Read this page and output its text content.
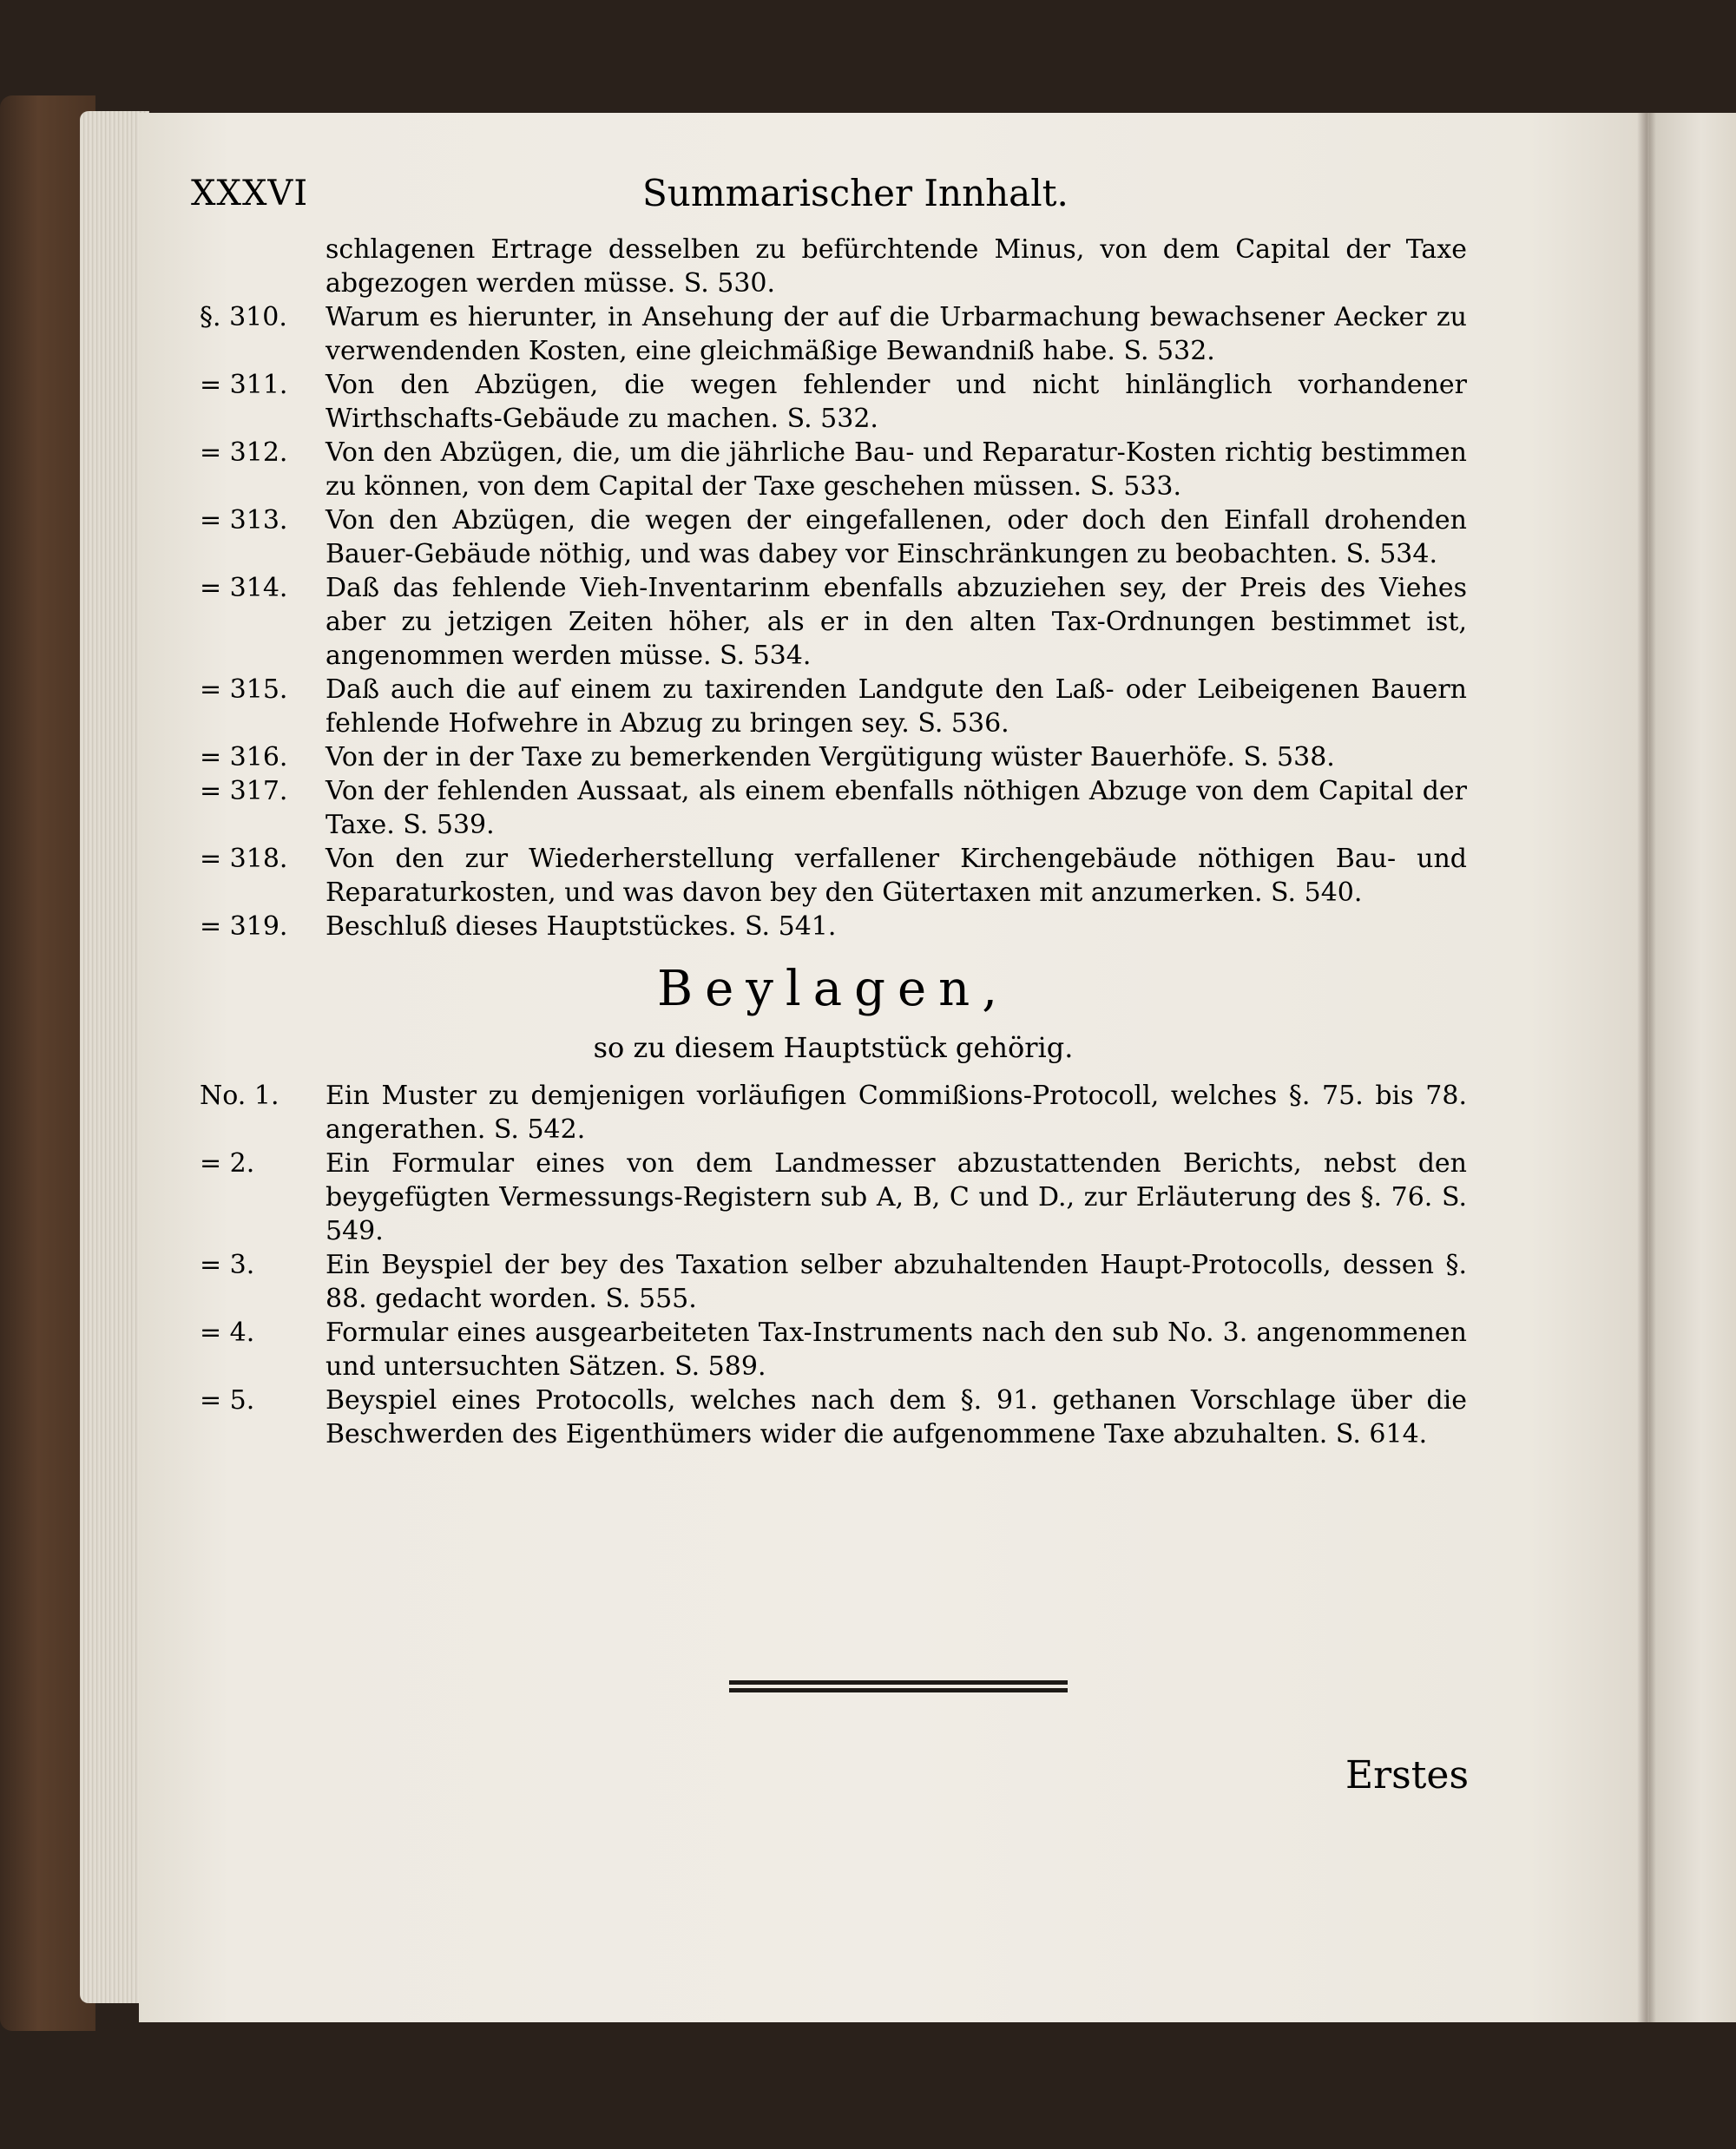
XXXVI	Summarischer Innhalt.
schlagenen Ertrage desselben zu befürchtende Minus, von dem Capital der Taxe abgezogen werden müsse. S. 530.
§. 310.	Warum es hierunter, in Ansehung der auf die Urbarmachung bewachsener Aecker zu verwendenden Kosten, eine gleichmäßige Bewandniß habe. S. 532.
= 311.	Von den Abzügen, die wegen fehlender und nicht hinlänglich vorhandener Wirthschafts-Gebäude zu machen. S. 532.
= 312.	Von den Abzügen, die, um die jährliche Bau- und Reparatur-Kosten richtig bestimmen zu können, von dem Capital der Taxe geschehen müssen. S. 533.
= 313.	Von den Abzügen, die wegen der eingefallenen, oder doch den Einfall drohenden Bauer-Gebäude nöthig, und was dabey vor Einschränkungen zu beobachten. S. 534.
= 314.	Daß das fehlende Vieh-Inventarinm ebenfalls abzuziehen sey, der Preis des Viehes aber zu jetzigen Zeiten höher, als er in den alten Tax-Ordnungen bestimmet ist, angenommen werden müsse. S. 534.
= 315.	Daß auch die auf einem zu taxirenden Landgute den Laß- oder Leibeigenen Bauern fehlende Hofwehre in Abzug zu bringen sey. S. 536.
= 316.	Von der in der Taxe zu bemerkenden Vergütigung wüster Bauerhöfe. S. 538.
= 317.	Von der fehlenden Aussaat, als einem ebenfalls nöthigen Abzuge von dem Capital der Taxe. S. 539.
= 318.	Von den zur Wiederherstellung verfallener Kirchengebäude nöthigen Bau- und Reparaturkosten, und was davon bey den Gütertaxen mit anzumerken. S. 540.
= 319.	Beschluß dieses Hauptstückes. S. 541.
Beylagen,
so zu diesem Hauptstück gehörig.
No. 1.	Ein Muster zu demjenigen vorläufigen Commißions-Protocoll, welches §. 75. bis 78. angerathen. S. 542.
= 2.	Ein Formular eines von dem Landmesser abzustattenden Berichts, nebst den beygefügten Vermessungs-Registern sub A, B, C und D., zur Erläuterung des §. 76. S. 549.
= 3.	Ein Beyspiel der bey des Taxation selber abzuhaltenden Haupt-Protocolls, dessen §. 88. gedacht worden. S. 555.
= 4.	Formular eines ausgearbeiteten Tax-Instruments nach den sub No. 3. angenommenen und untersuchten Sätzen. S. 589.
= 5.	Beyspiel eines Protocolls, welches nach dem §. 91. gethanen Vorschlage über die Beschwerden des Eigenthümers wider die aufgenommene Taxe abzuhalten. S. 614.
Erstes
